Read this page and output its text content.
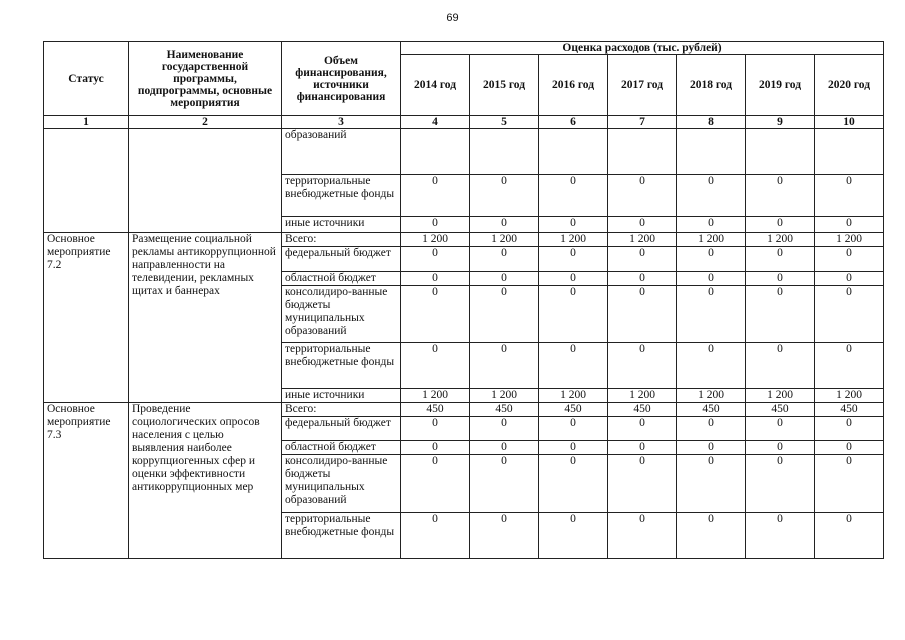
69
Статус	Наименование государственной программы, подпрограммы, основные мероприятия	Объем финансирования, источники финансирования	Оценка расходов (тыс. рублей)						
			2014 год	2015 год	2016 год	2017 год	2018 год	2019 год	2020 год
1	2	3	4	5	6	7	8	9	10
		образований							
		территориальные внебюджетные фонды	0	0	0	0	0	0	0
		иные источники	0	0	0	0	0	0	0
Основное мероприятие 7.2	Размещение социальной рекламы антикоррупционной направленности на телевидении, рекламных щитах и баннерах	Всего:	1 200	1 200	1 200	1 200	1 200	1 200	1 200
		федеральный бюджет	0	0	0	0	0	0	0
		областной бюджет	0	0	0	0	0	0	0
		консолидиро-ванные бюджеты муниципальных образований	0	0	0	0	0	0	0
		территориальные внебюджетные фонды	0	0	0	0	0	0	0
		иные источники	1 200	1 200	1 200	1 200	1 200	1 200	1 200
Основное мероприятие 7.3	Проведение социологических опросов населения с целью выявления наиболее коррупциогенных сфер и оценки эффективности антикоррупционных мер	Всего:	450	450	450	450	450	450	450
		федеральный бюджет	0	0	0	0	0	0	0
		областной бюджет	0	0	0	0	0	0	0
		консолидиро-ванные бюджеты муниципальных образований	0	0	0	0	0	0	0
		территориальные внебюджетные фонды	0	0	0	0	0	0	0
